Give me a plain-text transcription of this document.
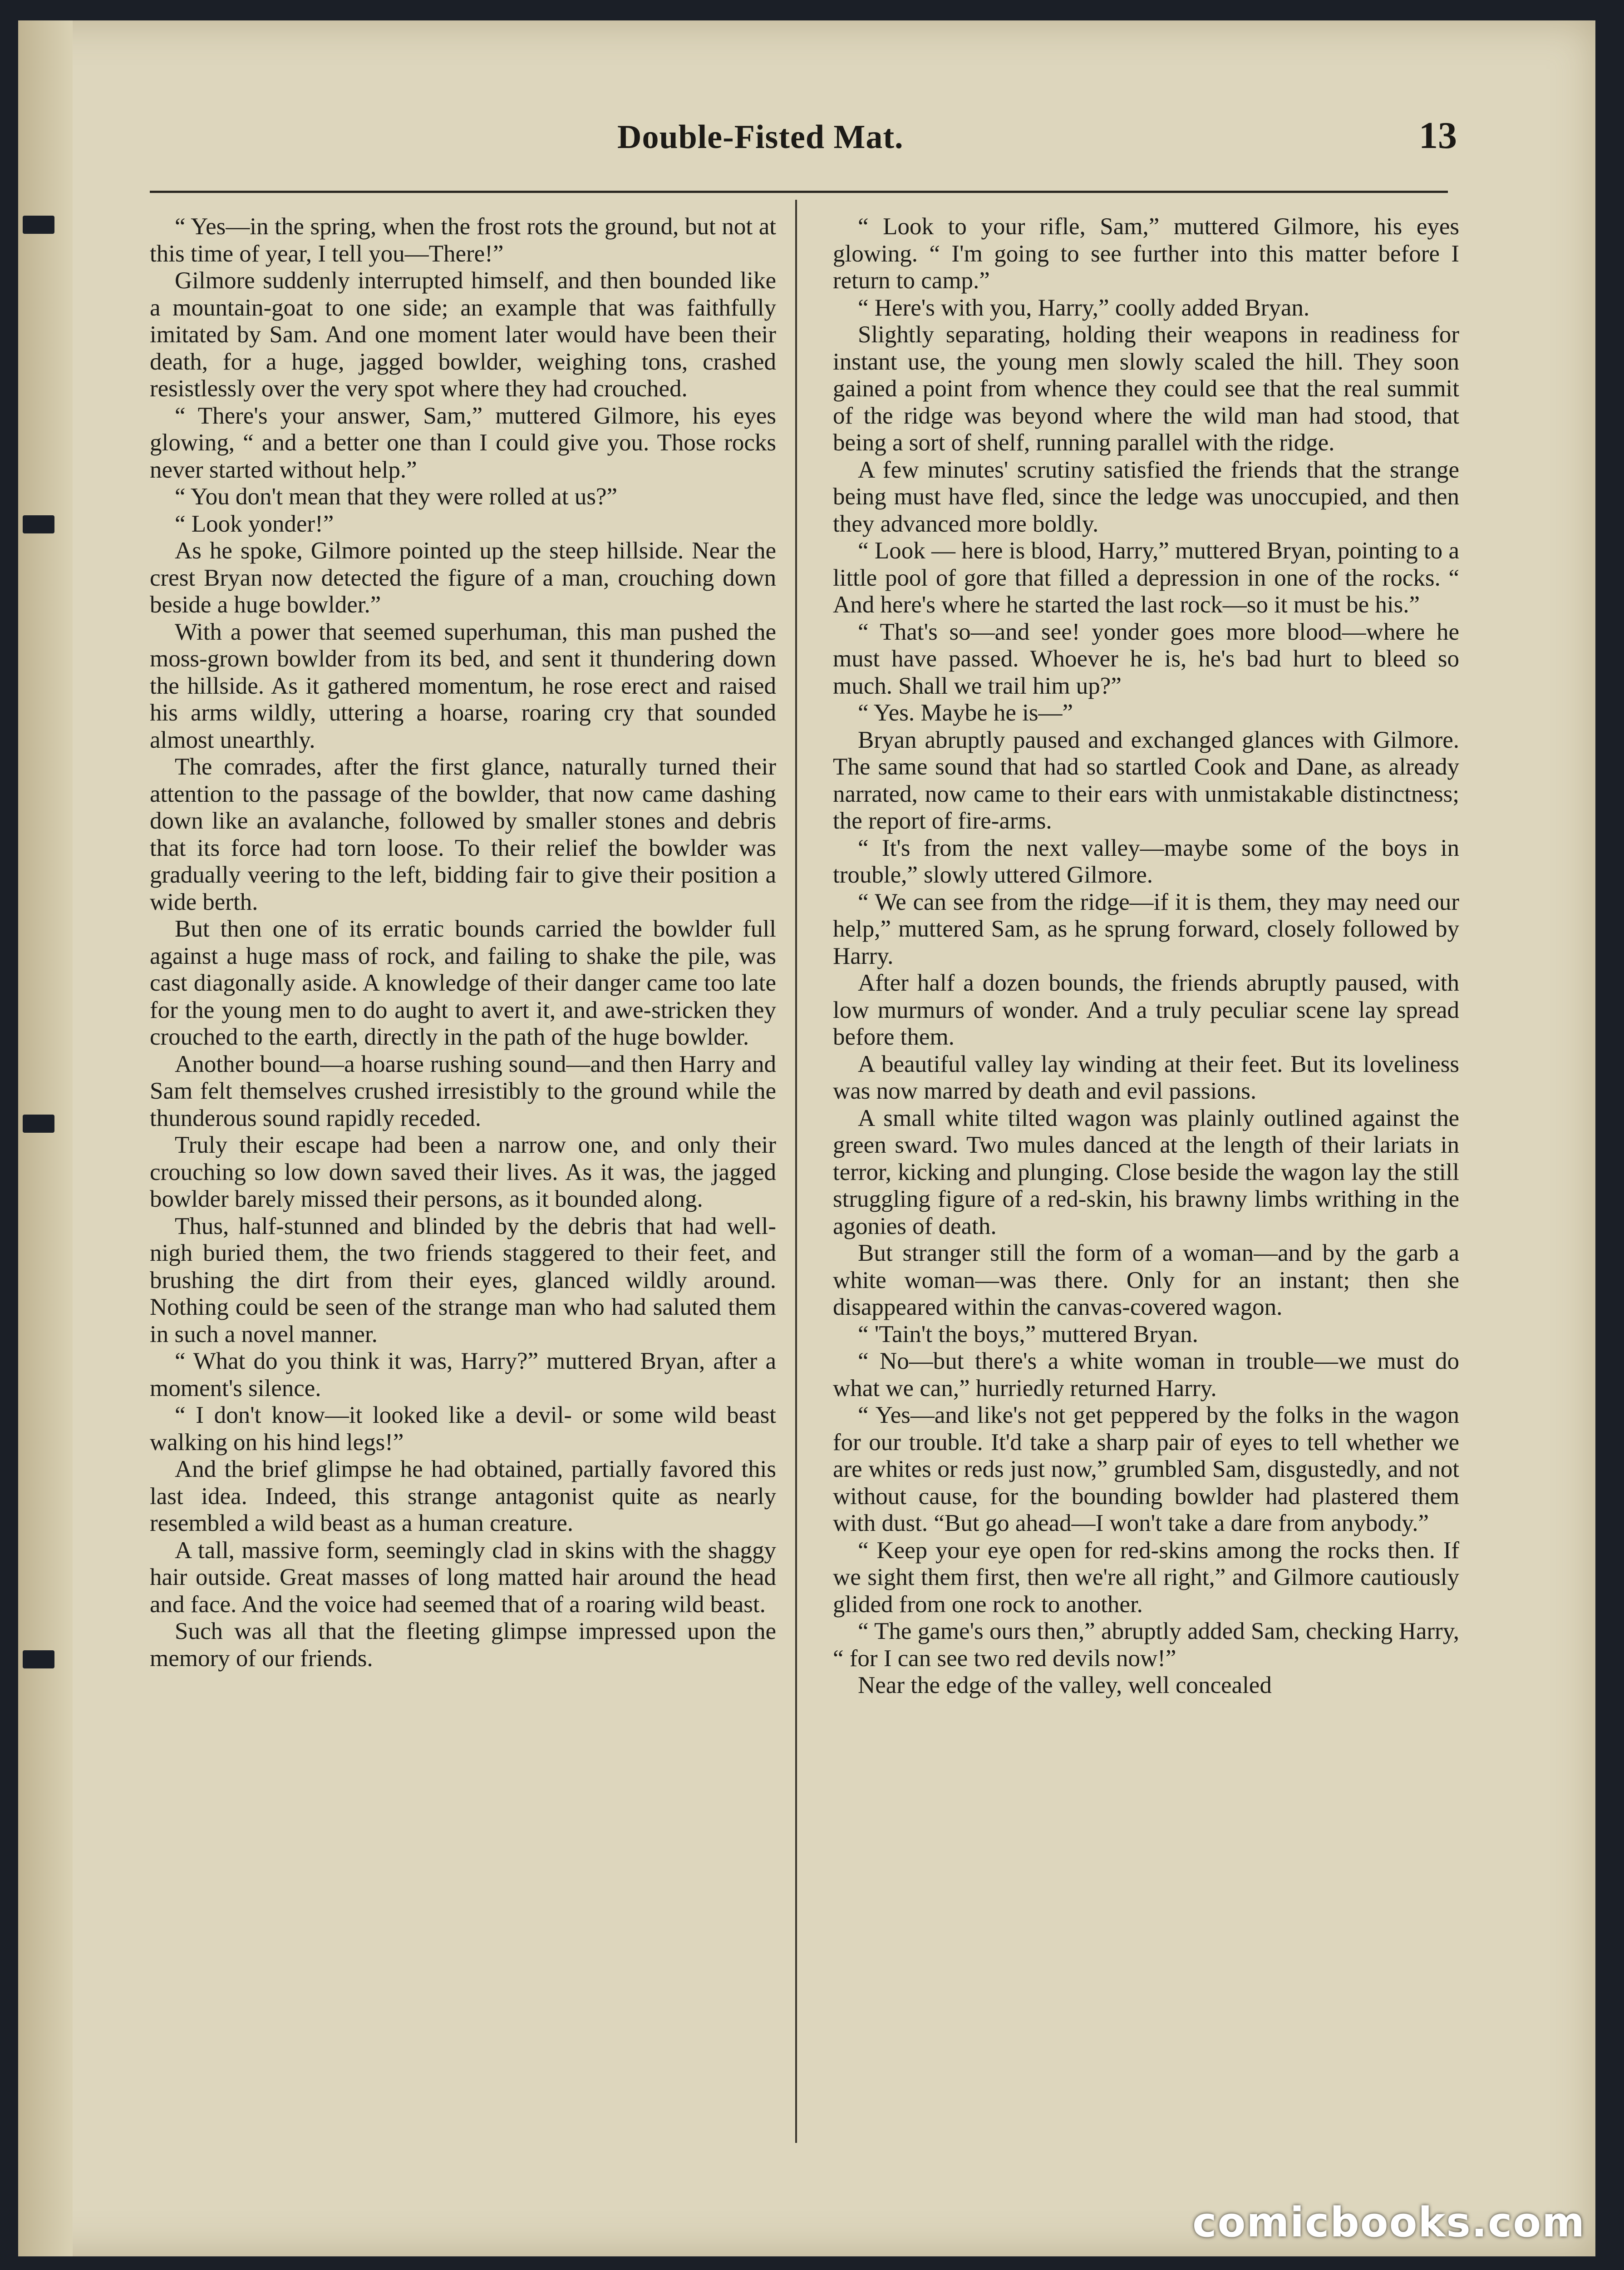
Double-Fisted Mat.	13

“ Yes—in the spring, when the frost rots the ground, but not at this time of year, I tell you—There!”

Gilmore suddenly interrupted himself, and then bounded like a mountain-goat to one side; an example that was faithfully imitated by Sam. And one moment later would have been their death, for a huge, jagged bowlder, weighing tons, crashed resistlessly over the very spot where they had crouched.

“ There's your answer, Sam,” muttered Gilmore, his eyes glowing, “ and a better one than I could give you. Those rocks never started without help.”

“ You don't mean that they were rolled at us?”

“ Look yonder!”

As he spoke, Gilmore pointed up the steep hillside. Near the crest Bryan now detected the figure of a man, crouching down beside a huge bowlder.”

With a power that seemed superhuman, this man pushed the moss-grown bowlder from its bed, and sent it thundering down the hillside. As it gathered momentum, he rose erect and raised his arms wildly, uttering a hoarse, roaring cry that sounded almost unearthly.

The comrades, after the first glance, naturally turned their attention to the passage of the bowlder, that now came dashing down like an avalanche, followed by smaller stones and debris that its force had torn loose. To their relief the bowlder was gradually veering to the left, bidding fair to give their position a wide berth.

But then one of its erratic bounds carried the bowlder full against a huge mass of rock, and failing to shake the pile, was cast diagonally aside. A knowledge of their danger came too late for the young men to do aught to avert it, and awe-stricken they crouched to the earth, directly in the path of the huge bowlder.

Another bound—a hoarse rushing sound—and then Harry and Sam felt themselves crushed irresistibly to the ground while the thunderous sound rapidly receded.

Truly their escape had been a narrow one, and only their crouching so low down saved their lives. As it was, the jagged bowlder barely missed their persons, as it bounded along.

Thus, half-stunned and blinded by the debris that had well-nigh buried them, the two friends staggered to their feet, and brushing the dirt from their eyes, glanced wildly around. Nothing could be seen of the strange man who had saluted them in such a novel manner.

“ What do you think it was, Harry?” muttered Bryan, after a moment's silence.

“ I don't know—it looked like a devil- or some wild beast walking on his hind legs!”

And the brief glimpse he had obtained, partially favored this last idea. Indeed, this strange antagonist quite as nearly resembled a wild beast as a human creature.

A tall, massive form, seemingly clad in skins with the shaggy hair outside. Great masses of long matted hair around the head and face. And the voice had seemed that of a roaring wild beast.

Such was all that the fleeting glimpse impressed upon the memory of our friends.

“ Look to your rifle, Sam,” muttered Gilmore, his eyes glowing. “ I'm going to see further into this matter before I return to camp.”

“ Here's with you, Harry,” coolly added Bryan.

Slightly separating, holding their weapons in readiness for instant use, the young men slowly scaled the hill. They soon gained a point from whence they could see that the real summit of the ridge was beyond where the wild man had stood, that being a sort of shelf, running parallel with the ridge.

A few minutes' scrutiny satisfied the friends that the strange being must have fled, since the ledge was unoccupied, and then they advanced more boldly.

“ Look — here is blood, Harry,” muttered Bryan, pointing to a little pool of gore that filled a depression in one of the rocks. “ And here's where he started the last rock—so it must be his.”

“ That's so—and see! yonder goes more blood—where he must have passed. Whoever he is, he's bad hurt to bleed so much. Shall we trail him up?”

“ Yes. Maybe he is—”

Bryan abruptly paused and exchanged glances with Gilmore. The same sound that had so startled Cook and Dane, as already narrated, now came to their ears with unmistakable distinctness; the report of fire-arms.

“ It's from the next valley—maybe some of the boys in trouble,” slowly uttered Gilmore.

“ We can see from the ridge—if it is them, they may need our help,” muttered Sam, as he sprung forward, closely followed by Harry.

After half a dozen bounds, the friends abruptly paused, with low murmurs of wonder. And a truly peculiar scene lay spread before them.

A beautiful valley lay winding at their feet. But its loveliness was now marred by death and evil passions.

A small white tilted wagon was plainly outlined against the green sward. Two mules danced at the length of their lariats in terror, kicking and plunging. Close beside the wagon lay the still struggling figure of a red-skin, his brawny limbs writhing in the agonies of death.

But stranger still the form of a woman—and by the garb a white woman—was there. Only for an instant; then she disappeared within the canvas-covered wagon.

“ 'Tain't the boys,” muttered Bryan.

“ No—but there's a white woman in trouble—we must do what we can,” hurriedly returned Harry.

“ Yes—and like's not get peppered by the folks in the wagon for our trouble. It'd take a sharp pair of eyes to tell whether we are whites or reds just now,” grumbled Sam, disgustedly, and not without cause, for the bounding bowlder had plastered them with dust. “But go ahead—I won't take a dare from anybody.”

“ Keep your eye open for red-skins among the rocks then. If we sight them first, then we're all right,” and Gilmore cautiously glided from one rock to another.

“ The game's ours then,” abruptly added Sam, checking Harry, “ for I can see two red devils now!”

Near the edge of the valley, well concealed

comicbooks.com
